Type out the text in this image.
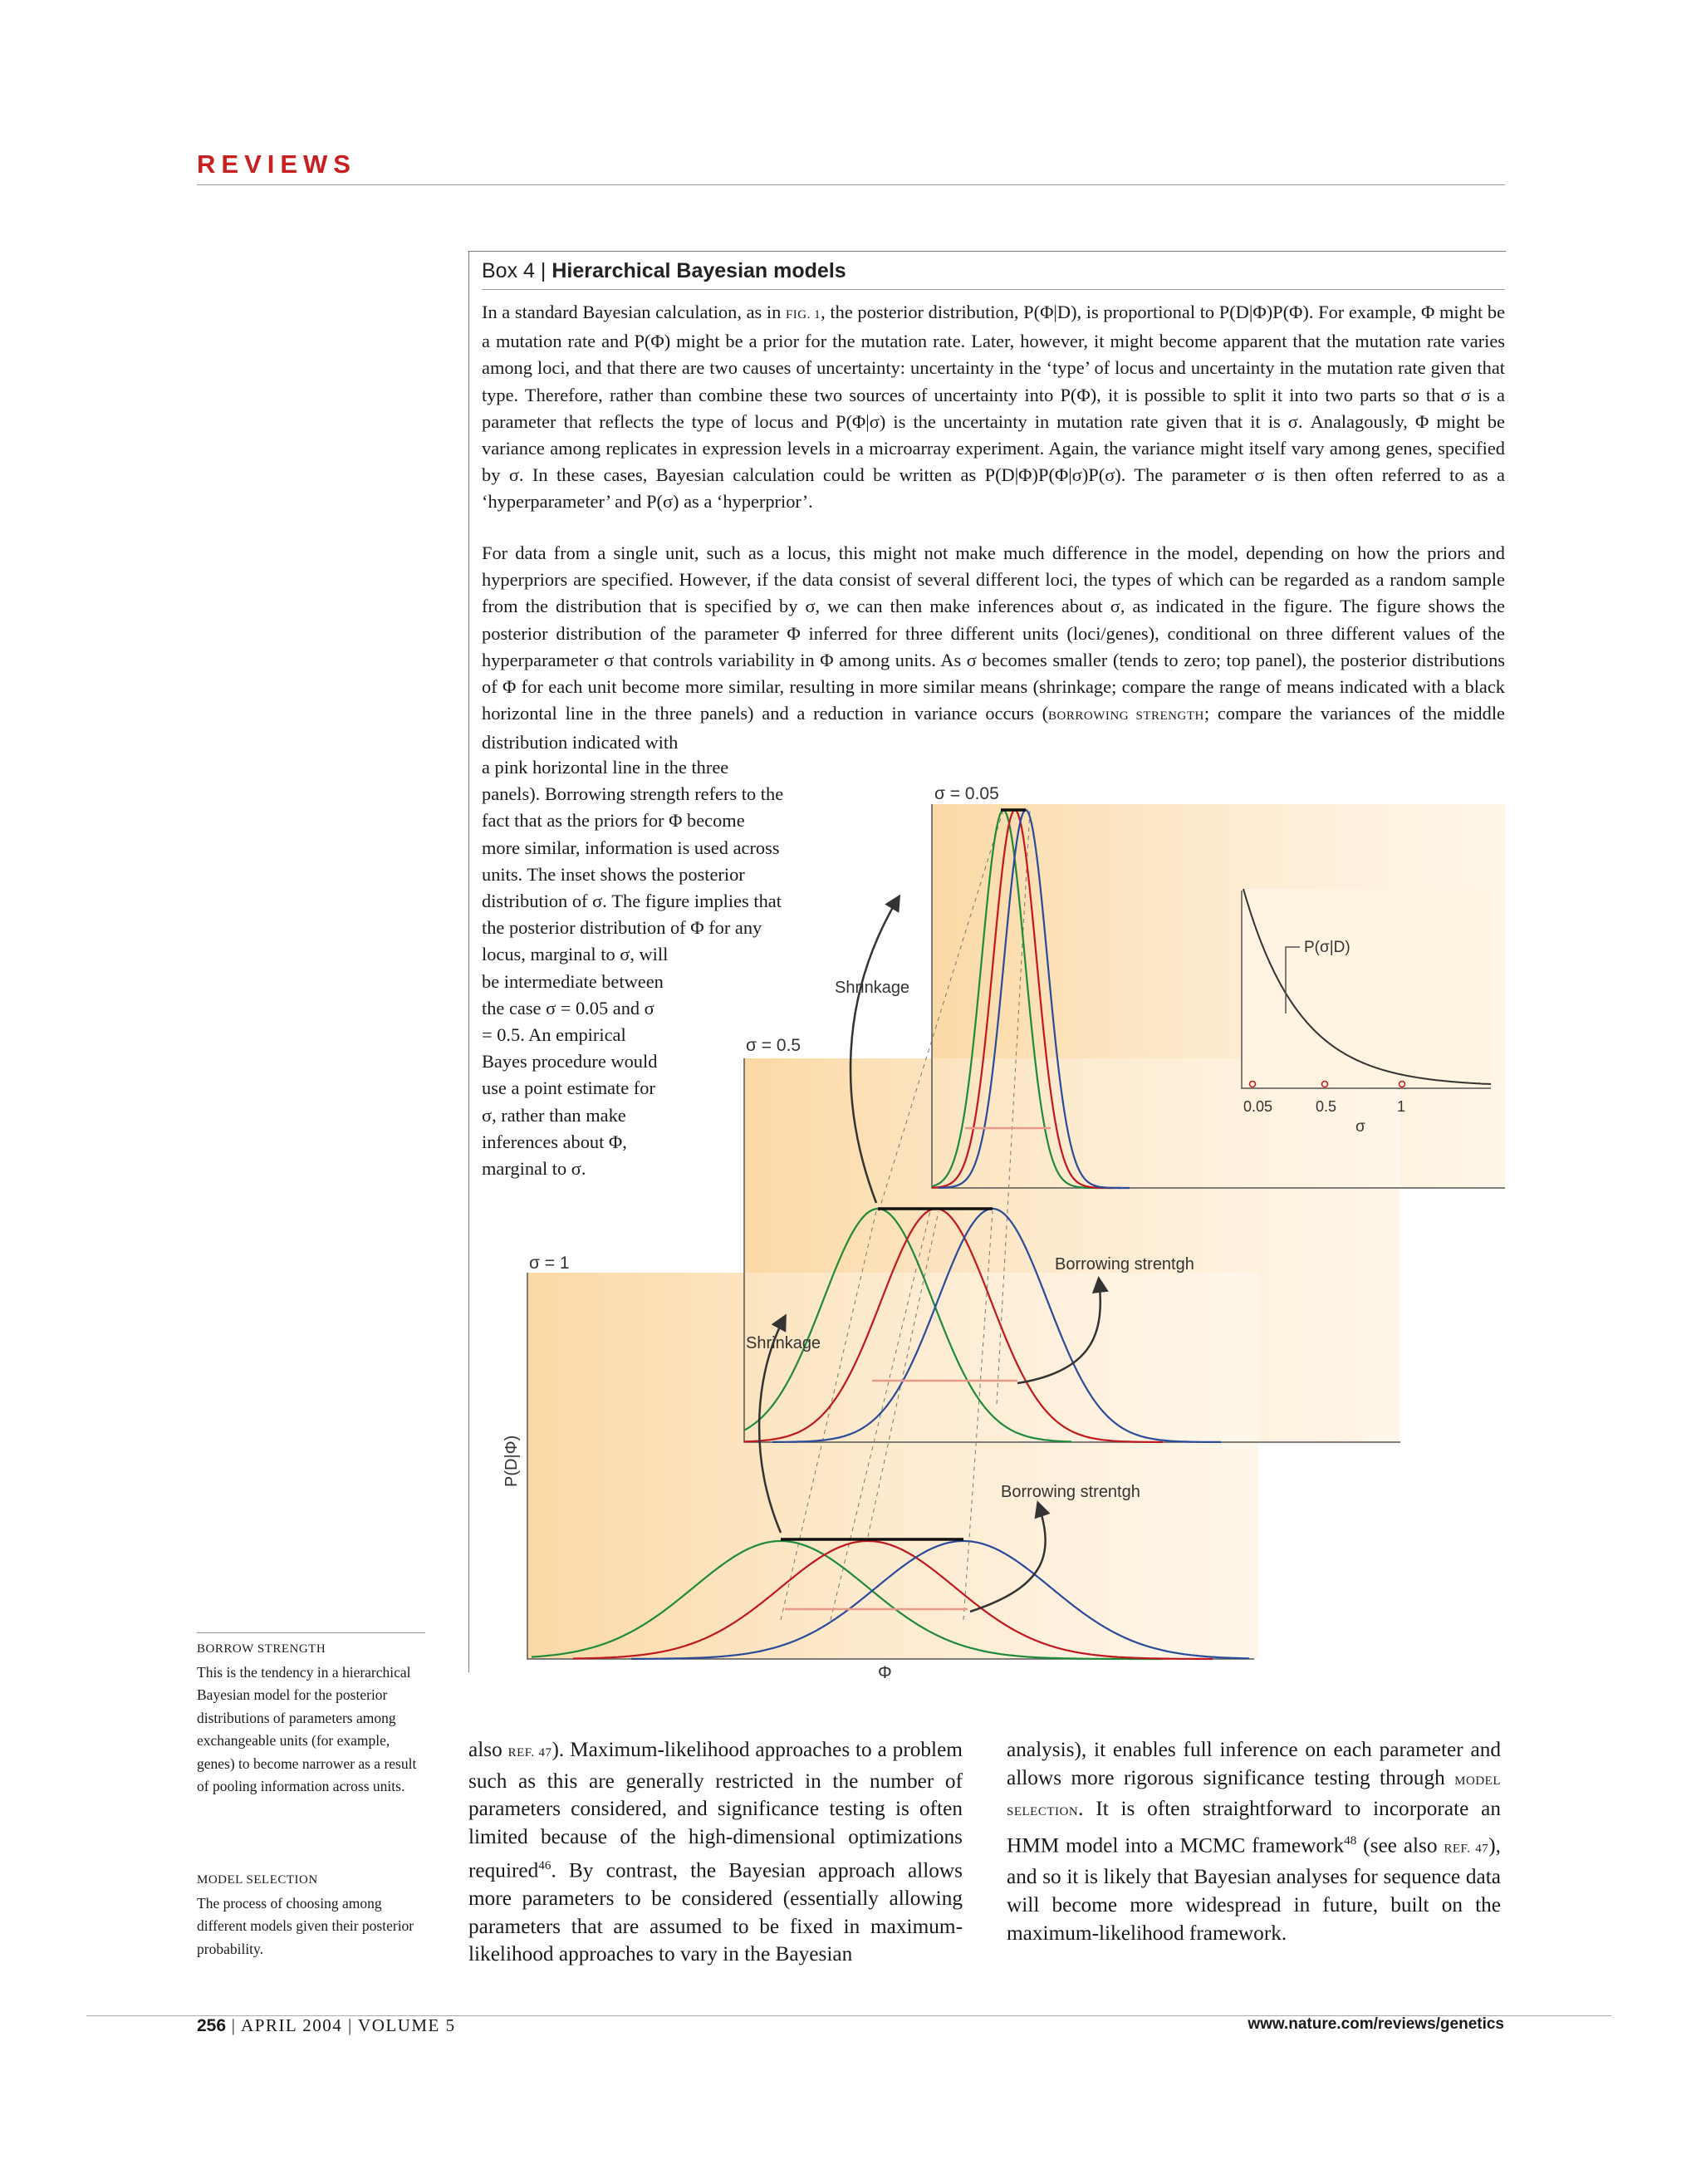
REVIEWS
Box 4 | Hierarchical Bayesian models
In a standard Bayesian calculation, as in FIG. 1, the posterior distribution, P(Φ|D), is proportional to P(D|Φ)P(Φ). For example, Φ might be a mutation rate and P(Φ) might be a prior for the mutation rate. Later, however, it might become apparent that the mutation rate varies among loci, and that there are two causes of uncertainty: uncertainty in the ‘type’ of locus and uncertainty in the mutation rate given that type. Therefore, rather than combine these two sources of uncertainty into P(Φ), it is possible to split it into two parts so that σ is a parameter that reflects the type of locus and P(Φ|σ) is the uncertainty in mutation rate given that it is σ. Analagously, Φ might be variance among replicates in expression levels in a microarray experiment. Again, the variance might itself vary among genes, specified by σ. In these cases, Bayesian calculation could be written as P(D|Φ)P(Φ|σ)P(σ). The parameter σ is then often referred to as a ‘hyperparameter’ and P(σ) as a ‘hyperprior’.
For data from a single unit, such as a locus, this might not make much difference in the model, depending on how the priors and hyperpriors are specified. However, if the data consist of several different loci, the types of which can be regarded as a random sample from the distribution that is specified by σ, we can then make inferences about σ, as indicated in the figure. The figure shows the posterior distribution of the parameter Φ inferred for three different units (loci/genes), conditional on three different values of the hyperparameter σ that controls variability in Φ among units. As σ becomes smaller (tends to zero; top panel), the posterior distributions of Φ for each unit become more similar, resulting in more similar means (shrinkage; compare the range of means indicated with a black horizontal line in the three panels) and a reduction in variance occurs (BORROWING STRENGTH; compare the variances of the middle distribution indicated with
a pink horizontal line in the three
panels). Borrowing strength refers to the
fact that as the priors for Φ become
more similar, information is used across
units. The inset shows the posterior
distribution of σ. The figure implies that
the posterior distribution of Φ for any
locus, marginal to σ, will
be intermediate between
the case σ = 0.05 and σ
= 0.5. An empirical
Bayes procedure would
use a point estimate for
σ, rather than make
inferences about Φ,
marginal to σ.
σ = 0.05
σ = 0.5
σ = 1
Shrinkage
Shrinkage
Borrowing strentgh
Borrowing strentgh
P(σ|D)
0.05	0.5	1
σ
Φ
P(D|Φ)
BORROW STRENGTH
This is the tendency in a hierarchical Bayesian model for the posterior distributions of parameters among exchangeable units (for example, genes) to become narrower as a result of pooling information across units.
MODEL SELECTION
The process of choosing among different models given their posterior probability.
also REF. 47). Maximum-likelihood approaches to a problem such as this are generally restricted in the number of parameters considered, and significance testing is often limited because of the high-dimensional optimizations required$^{46}$. By contrast, the Bayesian approach allows more parameters to be considered (essentially allowing parameters that are assumed to be fixed in maximum-likelihood approaches to vary in the Bayesian
analysis), it enables full inference on each parameter and allows more rigorous significance testing through MODEL SELECTION. It is often straightforward to incorporate an HMM model into a MCMC framework$^{48}$ (see also REF. 47), and so it is likely that Bayesian analyses for sequence data will become more widespread in future, built on the maximum-likelihood framework.
256 | APRIL 2004 | VOLUME 5	www.nature.com/reviews/genetics
